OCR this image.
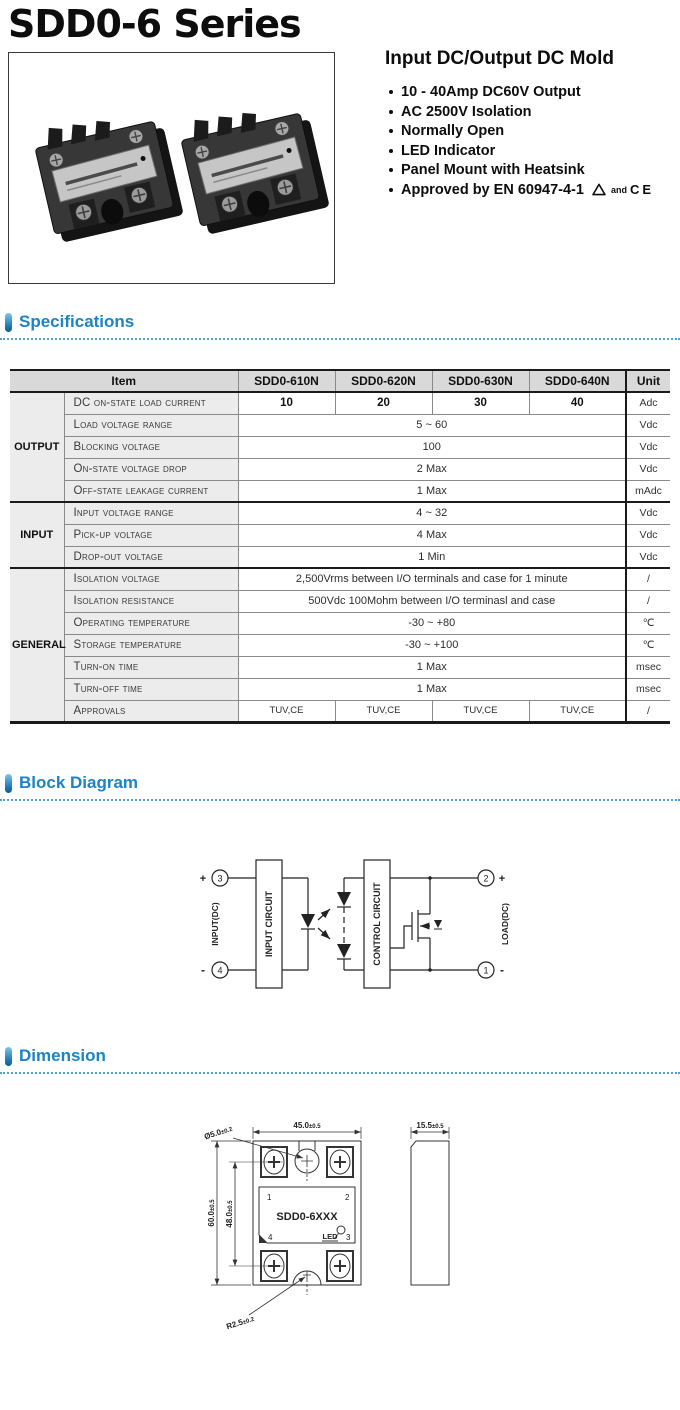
SDD0-6 Series
Input DC/Output DC Mold
10 - 40Amp DC60V Output
AC 2500V Isolation
Normally Open
LED Indicator
Panel Mount with Heatsink
Approved by EN 60947-4-1	and CE
Specifications
Item		SDD0-610N	SDD0-620N	SDD0-630N	SDD0-640N	Unit
OUTPUT	DC on-state load current	10	20	30	40	Adc
	Load voltage range	5 ~ 60				Vdc
	Blocking voltage	100				Vdc
	On-state voltage drop	2 Max				Vdc
	Off-state leakage current	1 Max				mAdc
INPUT	Input voltage range	4 ~ 32				Vdc
	Pick-up voltage	4 Max				Vdc
	Drop-out voltage	1 Min				Vdc
GENERAL	Isolation voltage	2,500Vrms between I/O terminals and case for 1 minute				/
	Isolation resistance	500Vdc 100Mohm between I/O terminasl and case				/
	Operating temperature	-30 ~ +80				℃
	Storage temperature	-30 ~ +100				℃
	Turn-on time	1 Max				msec
	Turn-off time	1 Max				msec
	Approvals	TUV,CE	TUV,CE	TUV,CE	TUV,CE	/
Block Diagram
3
4
+
-
INPUT(DC)	INPUT CIRCUIT	CONTROL CIRCUIT
2
1
+
-
LOAD(DC)
Dimension
45.0±0.5
Ø5.0±0.2
60.0±0.5
48.0±0.5
R2.5±0.2
15.5±0.5
1	2
4	3
SDD0-6XXX
LED
